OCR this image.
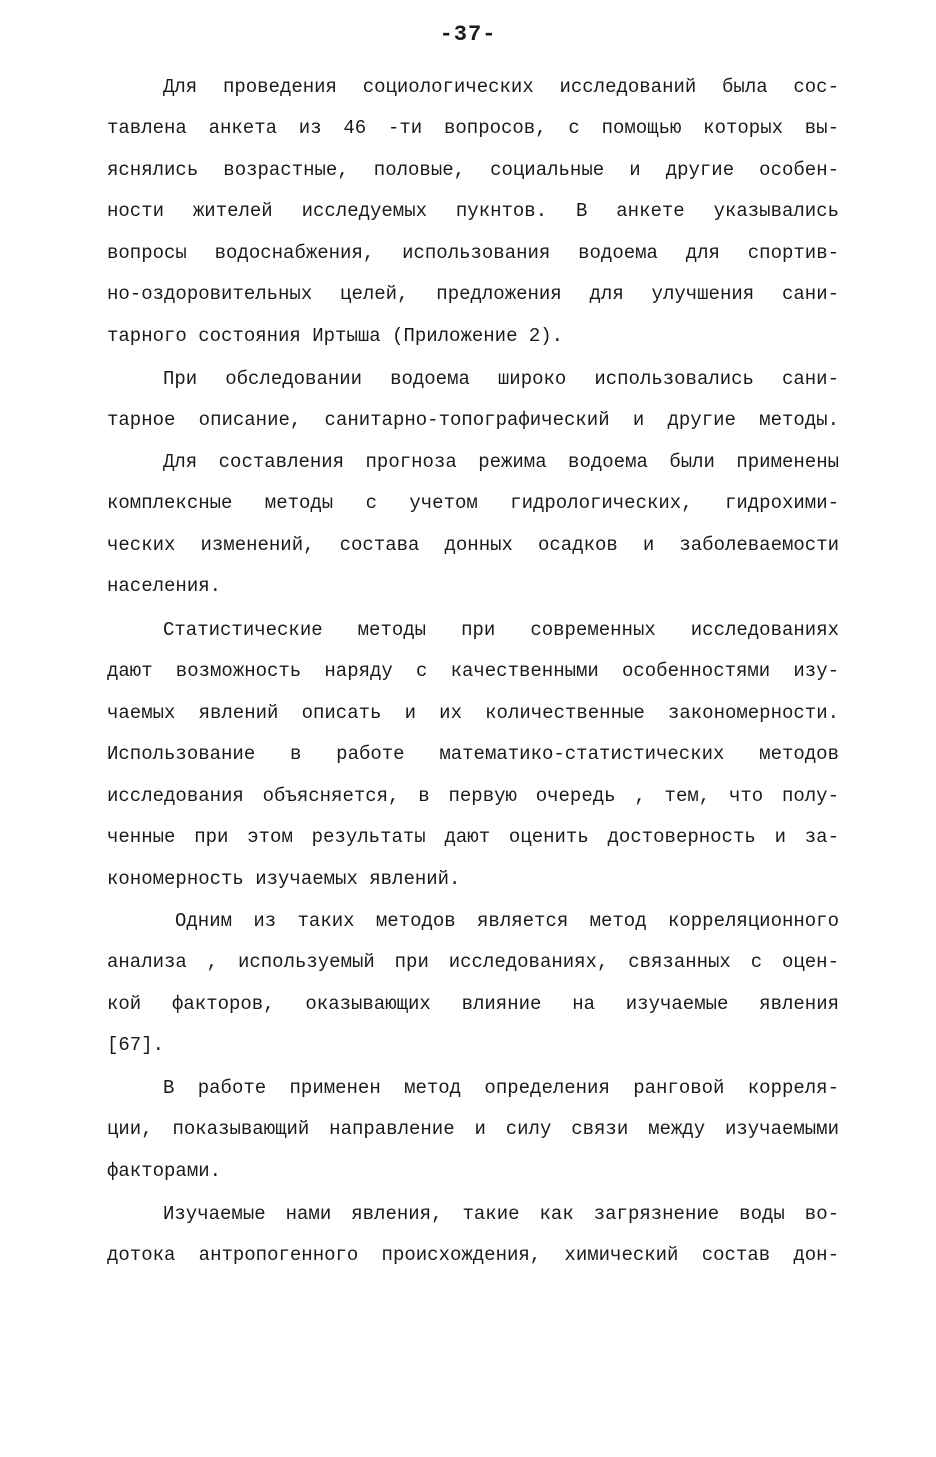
-37-
Для проведения социологических исследований была сос-
тавлена анкета из 46 -ти вопросов, с помощью которых вы-
яснялись возрастные, половые, социальные и другие особен-
ности жителей исследуемых пукнтов. В анкете указывались
вопросы водоснабжения, использования водоема для спортив-
но-оздоровительных целей, предложения для улучшения сани-
тарного состояния Иртыша (Приложение 2).
При обследовании водоема широко использовались сани-
тарное описание, санитарно-топографический и другие методы.
Для составления прогноза режима водоема были применены
комплексные методы с учетом гидрологических, гидрохими-
ческих изменений, состава донных осадков и заболеваемости
населения.
Статистические методы при современных исследованиях
дают возможность наряду с качественными особенностями изу-
чаемых явлений описать и их количественные закономерности.
Использование в работе математико-статистических методов
исследования объясняется, в первую очередь , тем, что полу-
ченные при этом результаты дают оценить достоверность и за-
кономерность изучаемых явлений.
Одним из таких методов является метод корреляционного
анализа , используемый при исследованиях, связанных с оцен-
кой факторов, оказывающих влияние на изучаемые явления
[67].
В работе применен метод определения ранговой корреля-
ции, показывающий направление и силу связи между изучаемыми
факторами.
Изучаемые нами явления, такие как загрязнение воды во-
дотока антропогенного происхождения, химический состав дон-
